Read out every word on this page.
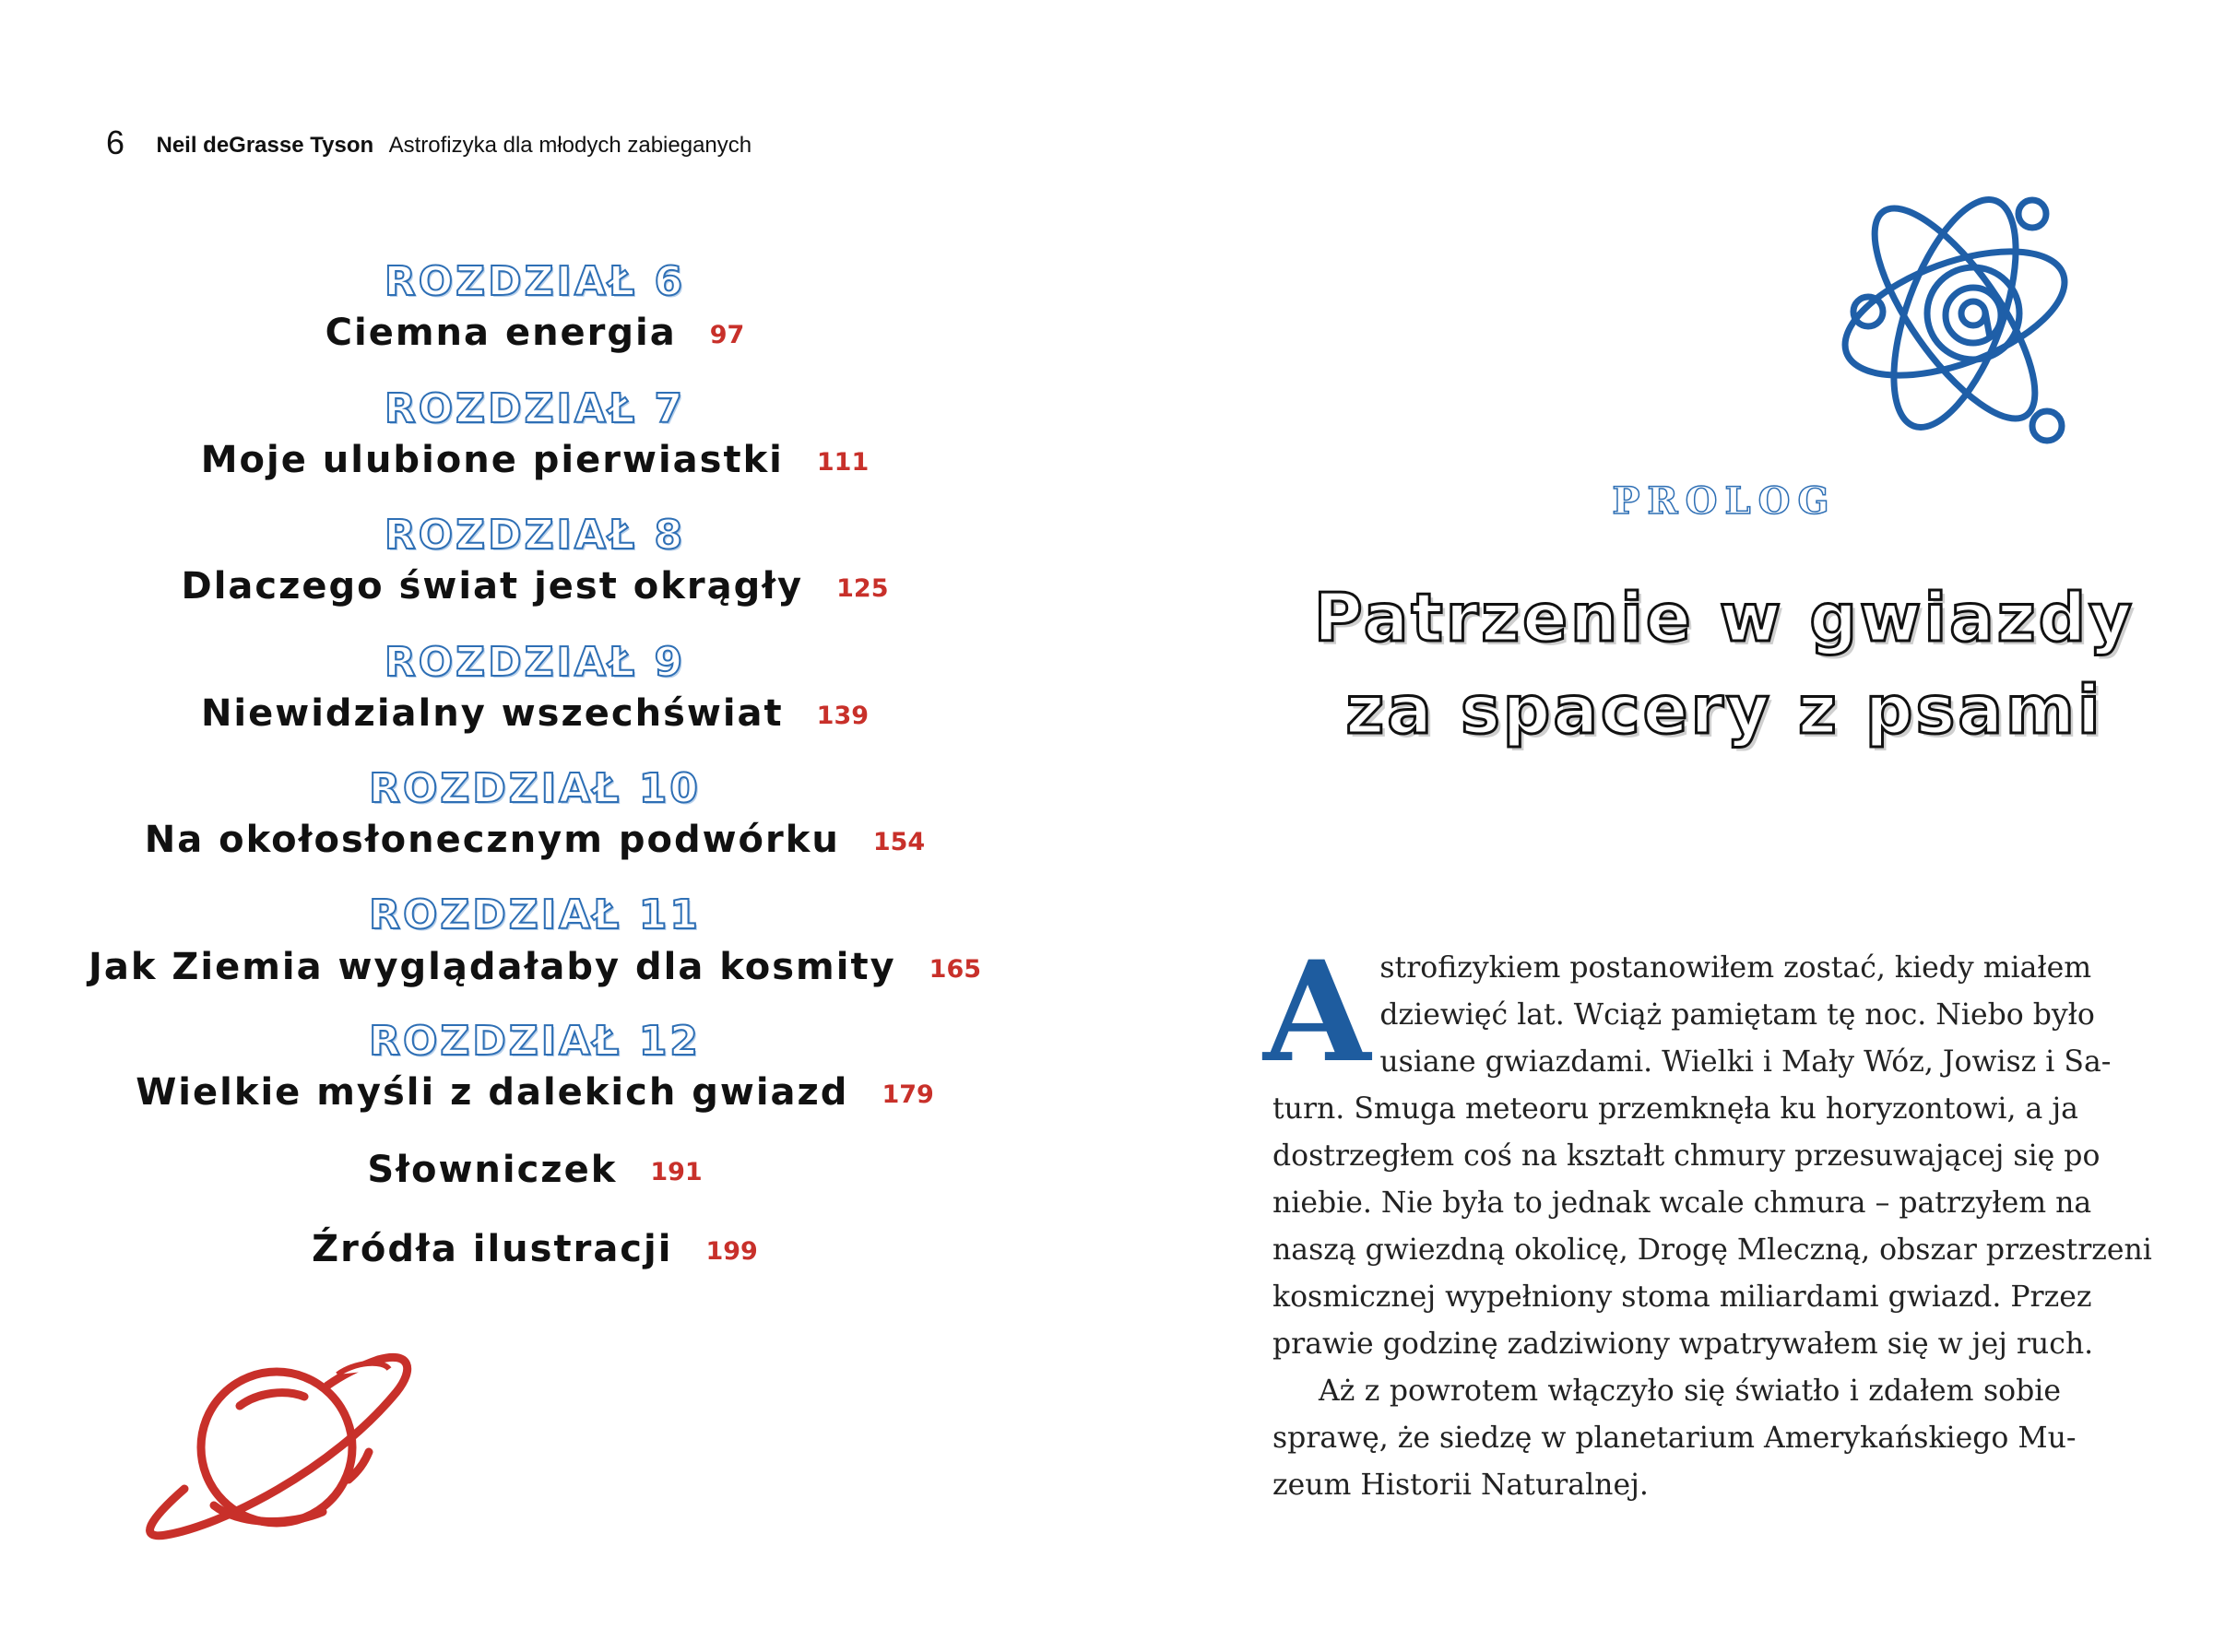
6 Neil deGrasse Tyson Astrofizyka dla młodych zabieganych
ROZDZIAŁ 6
Ciemna energia 97
ROZDZIAŁ 7
Moje ulubione pierwiastki 111
ROZDZIAŁ 8
Dlaczego świat jest okrągły 125
ROZDZIAŁ 9
Niewidzialny wszechświat 139
ROZDZIAŁ 10
Na okołosłonecznym podwórku 154
ROZDZIAŁ 11
Jak Ziemia wyglądałaby dla kosmity 165
ROZDZIAŁ 12
Wielkie myśli z dalekich gwiazd 179
Słowniczek 191
Źródła ilustracji 199
PROLOG
Patrzenie w gwiazdy
za spacery z psami

A strofizykiem postanowiłem zostać, kiedy miałem
dziewięć lat. Wciąż pamiętam tę noc. Niebo było
usiane gwiazdami. Wielki i Mały Wóz, Jowisz i Sa-
turn. Smuga meteoru przemknęła ku horyzontowi, a ja
dostrzegłem coś na kształt chmury przesuwającej się po
niebie. Nie była to jednak wcale chmura – patrzyłem na
naszą gwiezdną okolicę, Drogę Mleczną, obszar przestrzeni
kosmicznej wypełniony stoma miliardami gwiazd. Przez
prawie godzinę zadziwiony wpatrywałem się w jej ruch.

Aż z powrotem włączyło się światło i zdałem sobie
sprawę, że siedzę w planetarium Amerykańskiego Mu-
zeum Historii Naturalnej.
